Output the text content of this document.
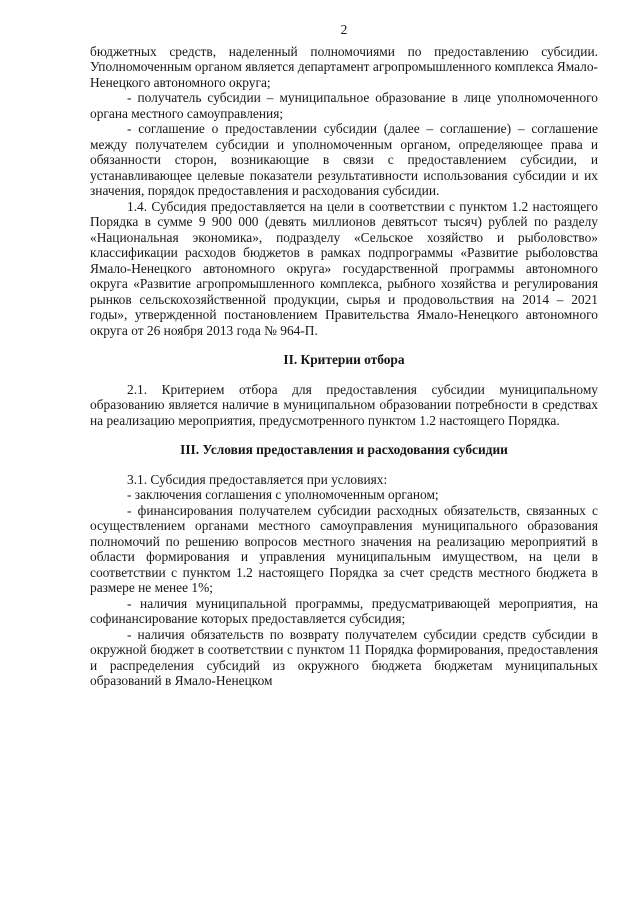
2

бюджетных средств, наделенный полномочиями по предоставлению субсидии. Уполномоченным органом является департамент агропромышленного комплекса Ямало-Ненецкого автономного округа;

- получатель субсидии – муниципальное образование в лице уполномоченного органа местного самоуправления;

- соглашение о предоставлении субсидии (далее – соглашение) – соглашение между получателем субсидии и уполномоченным органом, определяющее права и обязанности сторон, возникающие в связи с предоставлением субсидии, и устанавливающее целевые показатели результативности использования субсидии и их значения, порядок предоставления и расходования субсидии.

1.4. Субсидия предоставляется на цели в соответствии с пунктом 1.2 настоящего Порядка в сумме 9 900 000 (девять миллионов девятьсот тысяч) рублей по разделу «Национальная экономика», подразделу «Сельское хозяйство и рыболовство» классификации расходов бюджетов в рамках подпрограммы «Развитие рыболовства Ямало-Ненецкого автономного округа» государственной программы автономного округа «Развитие агропромышленного комплекса, рыбного хозяйства и регулирования рынков сельскохозяйственной продукции, сырья и продовольствия на 2014 – 2021 годы», утвержденной постановлением Правительства Ямало-Ненецкого автономного округа от 26 ноября 2013 года № 964-П.

II. Критерии отбора

2.1. Критерием отбора для предоставления субсидии муниципальному образованию является наличие в муниципальном образовании потребности в средствах на реализацию мероприятия, предусмотренного пунктом 1.2 настоящего Порядка.

III. Условия предоставления и расходования субсидии

3.1. Субсидия предоставляется при условиях:

- заключения соглашения с уполномоченным органом;

- финансирования получателем субсидии расходных обязательств, связанных с осуществлением органами местного самоуправления муниципального образования полномочий по решению вопросов местного значения на реализацию мероприятий в области формирования и управления муниципальным имуществом, на цели в соответствии с пунктом 1.2 настоящего Порядка за счет средств местного бюджета в размере не менее 1%;

- наличия муниципальной программы, предусматривающей мероприятия, на софинансирование которых предоставляется субсидия;

- наличия обязательств по возврату получателем субсидии средств субсидии в окружной бюджет в соответствии с пунктом 11 Порядка формирования, предоставления и распределения субсидий из окружного бюджета бюджетам муниципальных образований в Ямало-Ненецком
